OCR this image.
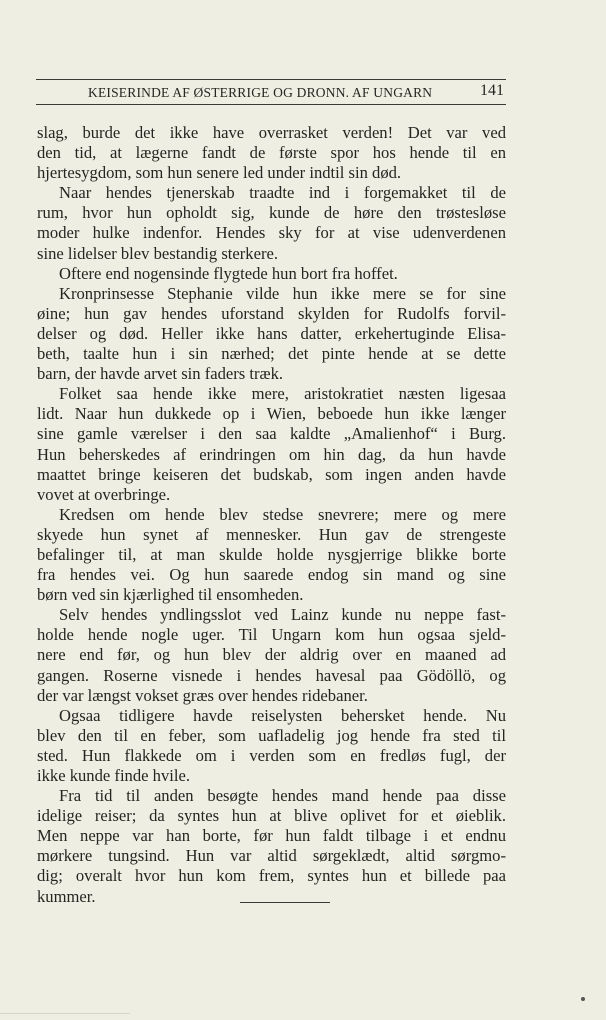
KEISERINDE AF ØSTERRIGE OG DRONN. AF UNGARN	141
slag, burde det ikke have overrasket verden! Det var ved
den tid, at lægerne fandt de første spor hos hende til en
hjertesygdom, som hun senere led under indtil sin død.
Naar hendes tjenerskab traadte ind i forgemakket til de
rum, hvor hun opholdt sig, kunde de høre den trøstesløse
moder hulke indenfor. Hendes sky for at vise udenverdenen
sine lidelser blev bestandig sterkere.
Oftere end nogensinde flygtede hun bort fra hoffet.
Kronprinsesse Stephanie vilde hun ikke mere se for sine
øine; hun gav hendes uforstand skylden for Rudolfs forvil-
delser og død. Heller ikke hans datter, erkehertuginde Elisa-
beth, taalte hun i sin nærhed; det pinte hende at se dette
barn, der havde arvet sin faders træk.
Folket saa hende ikke mere, aristokratiet næsten ligesaa
lidt. Naar hun dukkede op i Wien, beboede hun ikke længer
sine gamle værelser i den saa kaldte „Amalienhof“ i Burg.
Hun beherskedes af erindringen om hin dag, da hun havde
maattet bringe keiseren det budskab, som ingen anden havde
vovet at overbringe.
Kredsen om hende blev stedse snevrere; mere og mere
skyede hun synet af mennesker. Hun gav de strengeste
befalinger til, at man skulde holde nysgjerrige blikke borte
fra hendes vei. Og hun saarede endog sin mand og sine
børn ved sin kjærlighed til ensomheden.
Selv hendes yndlingsslot ved Lainz kunde nu neppe fast-
holde hende nogle uger. Til Ungarn kom hun ogsaa sjeld-
nere end før, og hun blev der aldrig over en maaned ad
gangen. Roserne visnede i hendes havesal paa Gödöllö, og
der var længst vokset græs over hendes ridebaner.
Ogsaa tidligere havde reiselysten behersket hende. Nu
blev den til en feber, som uafladelig jog hende fra sted til
sted. Hun flakkede om i verden som en fredløs fugl, der
ikke kunde finde hvile.
Fra tid til anden besøgte hendes mand hende paa disse
idelige reiser; da syntes hun at blive oplivet for et øieblik.
Men neppe var han borte, før hun faldt tilbage i et endnu
mørkere tungsind. Hun var altid sørgeklædt, altid sørgmo-
dig; overalt hvor hun kom frem, syntes hun et billede paa
kummer.
